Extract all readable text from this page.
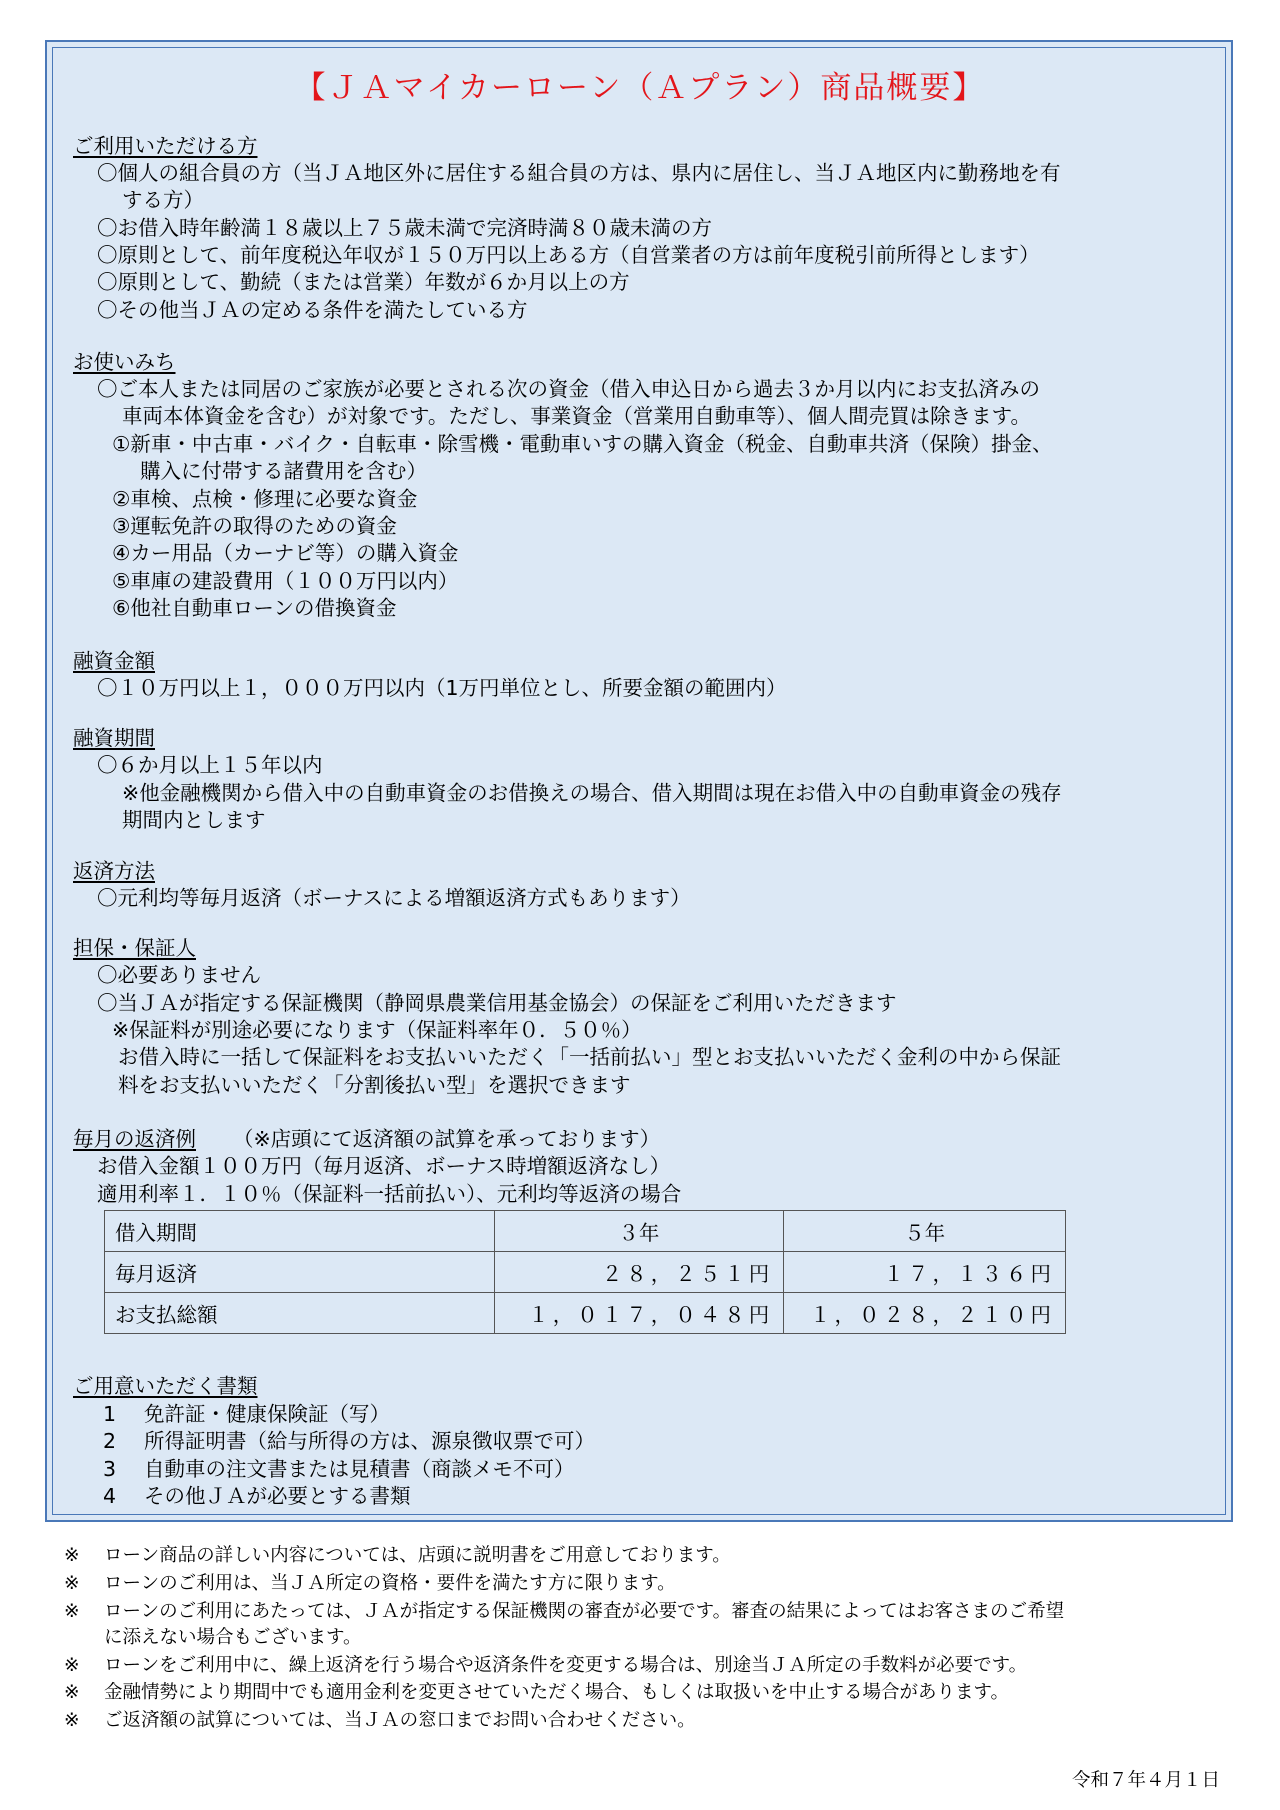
【ＪＡマイカーローン（Ａプラン）商品概要】
ご利用いただける方
〇個人の組合員の方（当ＪＡ地区外に居住する組合員の方は、県内に居住し、当ＪＡ地区内に勤務地を有
する方）
〇お借入時年齢満１８歳以上７５歳未満で完済時満８０歳未満の方
〇原則として、前年度税込年収が１５０万円以上ある方（自営業者の方は前年度税引前所得とします）
〇原則として、勤続（または営業）年数が６か月以上の方
〇その他当ＪＡの定める条件を満たしている方
お使いみち
〇ご本人または同居のご家族が必要とされる次の資金（借入申込日から過去３か月以内にお支払済みの
車両本体資金を含む）が対象です。ただし、事業資金（営業用自動車等）、個人間売買は除きます。
①新車・中古車・バイク・自転車・除雪機・電動車いすの購入資金（税金、自動車共済（保険）掛金、
購入に付帯する諸費用を含む）
②車検、点検・修理に必要な資金
③運転免許の取得のための資金
④カー用品（カーナビ等）の購入資金
⑤車庫の建設費用（１００万円以内）
⑥他社自動車ローンの借換資金
融資金額
〇１０万円以上１，０００万円以内（1万円単位とし、所要金額の範囲内）
融資期間
〇６か月以上１５年以内
※他金融機関から借入中の自動車資金のお借換えの場合、借入期間は現在お借入中の自動車資金の残存
期間内とします
返済方法
〇元利均等毎月返済（ボーナスによる増額返済方式もあります）
担保・保証人
〇必要ありません
〇当ＪＡが指定する保証機関（静岡県農業信用基金協会）の保証をご利用いただきます
※保証料が別途必要になります（保証料率年０．５０％）
お借入時に一括して保証料をお支払いいただく「一括前払い」型とお支払いいただく金利の中から保証
料をお支払いいただく「分割後払い型」を選択できます
毎月の返済例 （※店頭にて返済額の試算を承っております）
お借入金額１００万円（毎月返済、ボーナス時増額返済なし）
適用利率１．１０％（保証料一括前払い）、元利均等返済の場合
借入期間	３年	５年
毎月返済	２８，２５１円	１７，１３６円
お支払総額	１，０１７，０４８円	１，０２８，２１０円
ご用意いただく書類
1 免許証・健康保険証（写）
2 所得証明書（給与所得の方は、源泉徴収票で可）
3 自動車の注文書または見積書（商談メモ不可）
4 その他ＪＡが必要とする書類
※ ローン商品の詳しい内容については、店頭に説明書をご用意しております。
※ ローンのご利用は、当ＪＡ所定の資格・要件を満たす方に限ります。
※ ローンのご利用にあたっては、ＪＡが指定する保証機関の審査が必要です。審査の結果によってはお客さまのご希望
に添えない場合もございます。
※ ローンをご利用中に、繰上返済を行う場合や返済条件を変更する場合は、別途当ＪＡ所定の手数料が必要です。
※ 金融情勢により期間中でも適用金利を変更させていただく場合、もしくは取扱いを中止する場合があります。
※ ご返済額の試算については、当ＪＡの窓口までお問い合わせください。
令和７年４月１日
